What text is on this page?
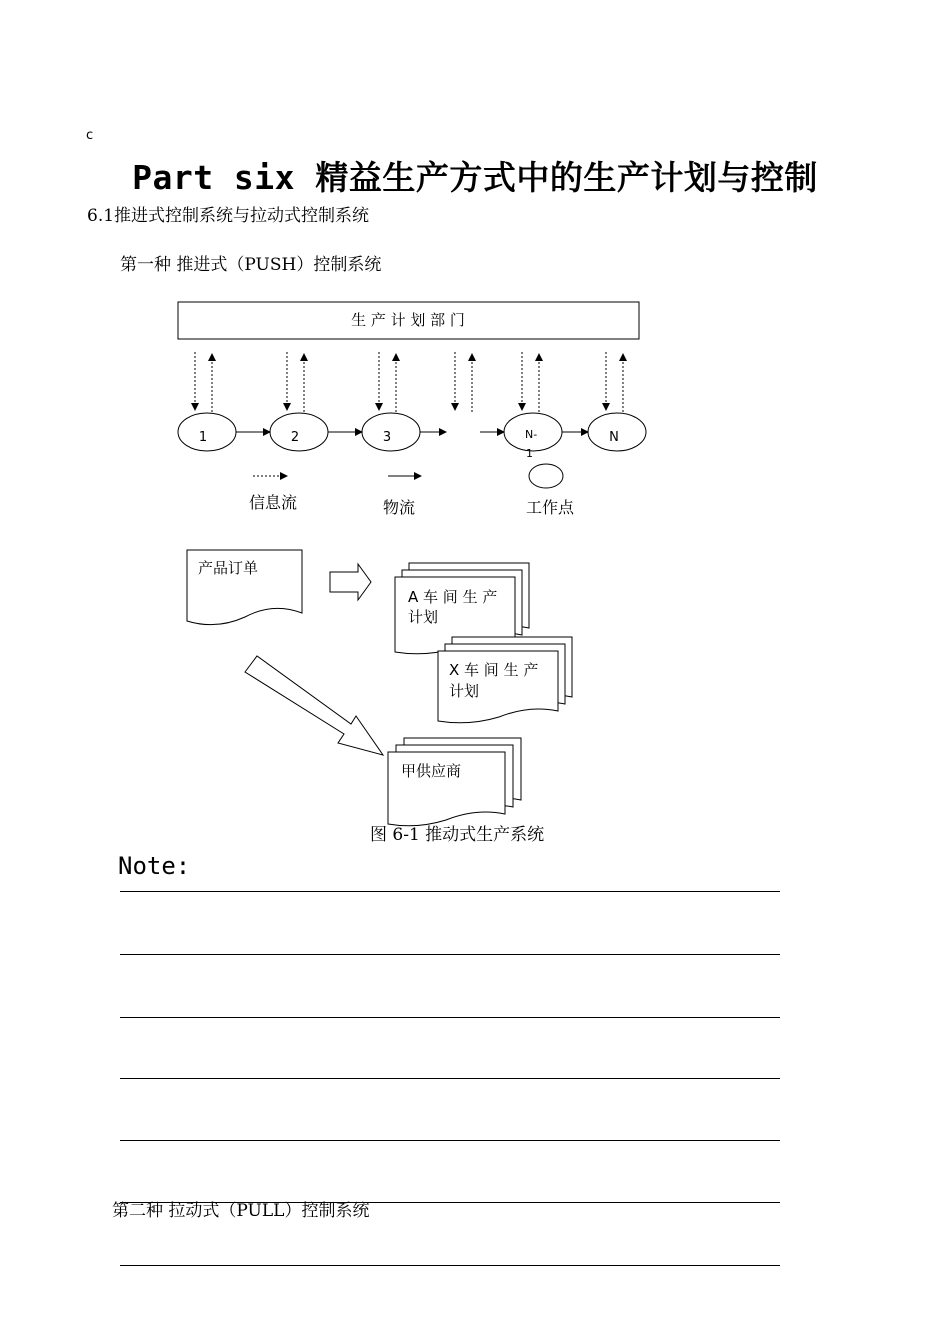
c
Part six 精益生产方式中的生产计划与控制
6.1推进式控制系统与拉动式控制系统
第一种 推进式（PUSH）控制系统
生 产 计 划 部 门
1	2	3	N-
1
N
信息流	物流	工作点
产品订单
A 车 间 生 产
计划
X 车 间 生 产
计划
甲供应商
图 6-1 推动式生产系统
Note:
第二种 拉动式（PULL）控制系统
